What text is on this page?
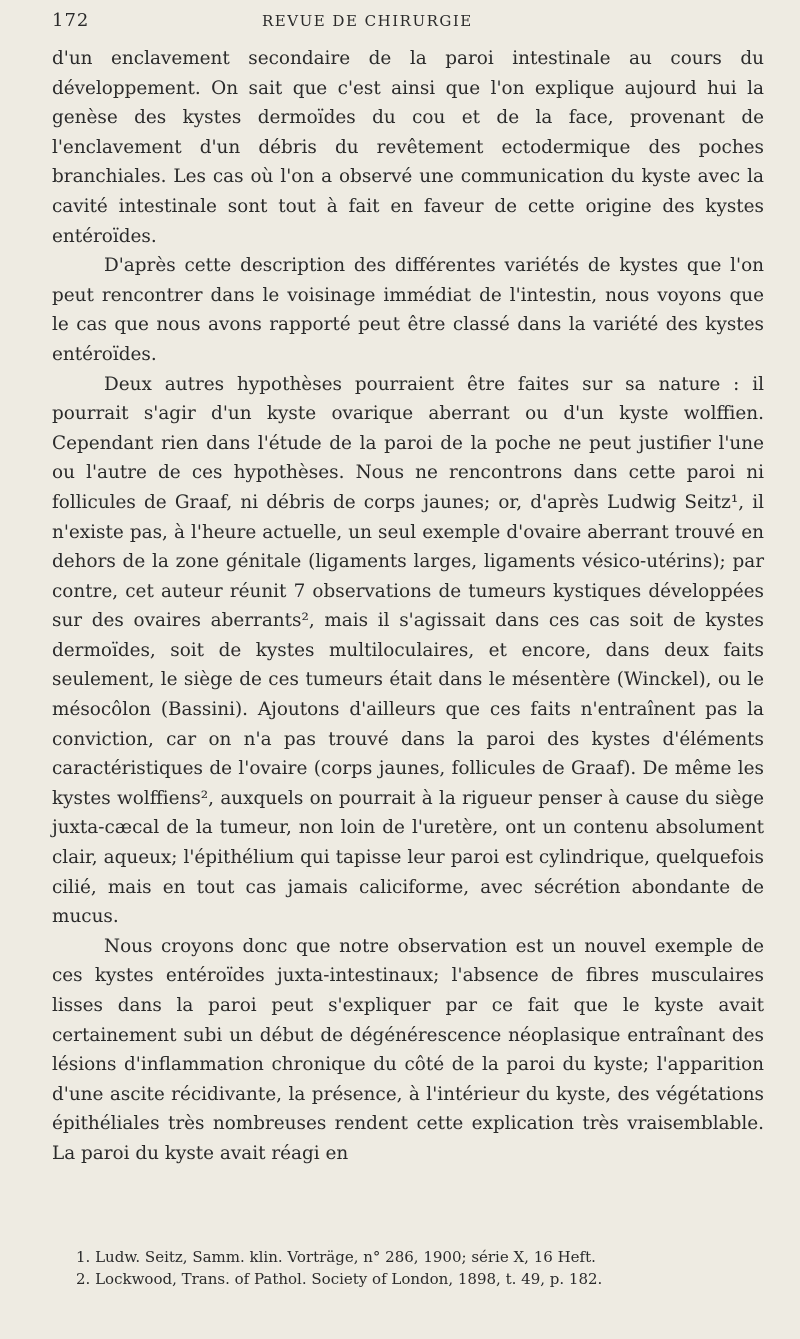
172	REVUE DE CHIRURGIE

d'un enclavement secondaire de la paroi intestinale au cours du développement. On sait que c'est ainsi que l'on explique aujourd hui la genèse des kystes dermoïdes du cou et de la face, provenant de l'enclavement d'un débris du revêtement ectodermique des poches branchiales. Les cas où l'on a observé une communication du kyste avec la cavité intestinale sont tout à fait en faveur de cette origine des kystes entéroïdes.

D'après cette description des différentes variétés de kystes que l'on peut rencontrer dans le voisinage immédiat de l'intestin, nous voyons que le cas que nous avons rapporté peut être classé dans la variété des kystes entéroïdes.

Deux autres hypothèses pourraient être faites sur sa nature : il pourrait s'agir d'un kyste ovarique aberrant ou d'un kyste wolffien. Cependant rien dans l'étude de la paroi de la poche ne peut justifier l'une ou l'autre de ces hypothèses. Nous ne rencontrons dans cette paroi ni follicules de Graaf, ni débris de corps jaunes; or, d'après Ludwig Seitz¹, il n'existe pas, à l'heure actuelle, un seul exemple d'ovaire aberrant trouvé en dehors de la zone génitale (ligaments larges, ligaments vésico-utérins); par contre, cet auteur réunit 7 observations de tumeurs kystiques développées sur des ovaires aberrants², mais il s'agissait dans ces cas soit de kystes dermoïdes, soit de kystes multiloculaires, et encore, dans deux faits seulement, le siège de ces tumeurs était dans le mésentère (Winckel), ou le mésocôlon (Bassini). Ajoutons d'ailleurs que ces faits n'entraînent pas la conviction, car on n'a pas trouvé dans la paroi des kystes d'éléments caractéristiques de l'ovaire (corps jaunes, follicules de Graaf). De même les kystes wolffiens², auxquels on pourrait à la rigueur penser à cause du siège juxta-cæcal de la tumeur, non loin de l'uretère, ont un contenu absolument clair, aqueux; l'épithélium qui tapisse leur paroi est cylindrique, quelquefois cilié, mais en tout cas jamais caliciforme, avec sécrétion abondante de mucus.

Nous croyons donc que notre observation est un nouvel exemple de ces kystes entéroïdes juxta-intestinaux; l'absence de fibres musculaires lisses dans la paroi peut s'expliquer par ce fait que le kyste avait certainement subi un début de dégénérescence néoplasique entraînant des lésions d'inflammation chronique du côté de la paroi du kyste; l'apparition d'une ascite récidivante, la présence, à l'intérieur du kyste, des végétations épithéliales très nombreuses rendent cette explication très vraisemblable. La paroi du kyste avait réagi en

1. Ludw. Seitz, Samm. klin. Vorträge, n° 286, 1900; série X, 16 Heft.

2. Lockwood, Trans. of Pathol. Society of London, 1898, t. 49, p. 182.
